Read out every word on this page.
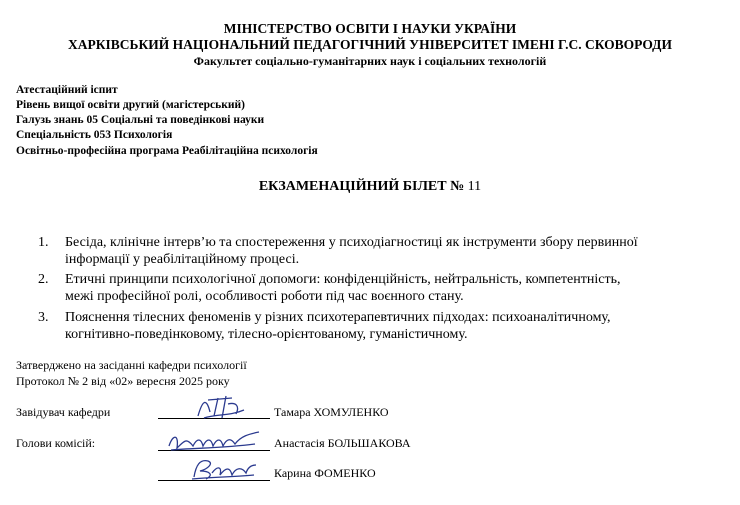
МІНІСТЕРСТВО ОСВІТИ І НАУКИ УКРАЇНИ
ХАРКІВСЬКИЙ НАЦІОНАЛЬНИЙ ПЕДАГОГІЧНИЙ УНІВЕРСИТЕТ ІМЕНІ Г.С. СКОВОРОДИ
Факультет соціально-гуманітарних наук і соціальних технологій
Атестаційний іспит
Рівень вищої освіти другий (магістерський)
Галузь знань 05 Соціальні та поведінкові науки
Спеціальність 053 Психологія
Освітньо-професійна програма Реабілітаційна психологія
ЕКЗАМЕНАЦІЙНИЙ БІЛЕТ № 11
1. Бесіда, клінічне інтерв’ю та спостереження у психодіагностиці як інструменти збору первинної
інформації у реабілітаційному процесі.
2. Етичні принципи психологічної допомоги: конфіденційність, нейтральність, компетентність,
межі професійної ролі, особливості роботи під час воєнного стану.
3. Пояснення тілесних феноменів у різних психотерапевтичних підходах: психоаналітичному,
когнітивно-поведінковому, тілесно-орієнтованому, гуманістичному.
Затверджено на засіданні кафедри психології
Протокол № 2 від «02» вересня 2025 року
Завідувач кафедри	Тамара ХОМУЛЕНКО
Голови комісій:	Анастасія БОЛЬШАКОВА
Карина ФОМЕНКО
